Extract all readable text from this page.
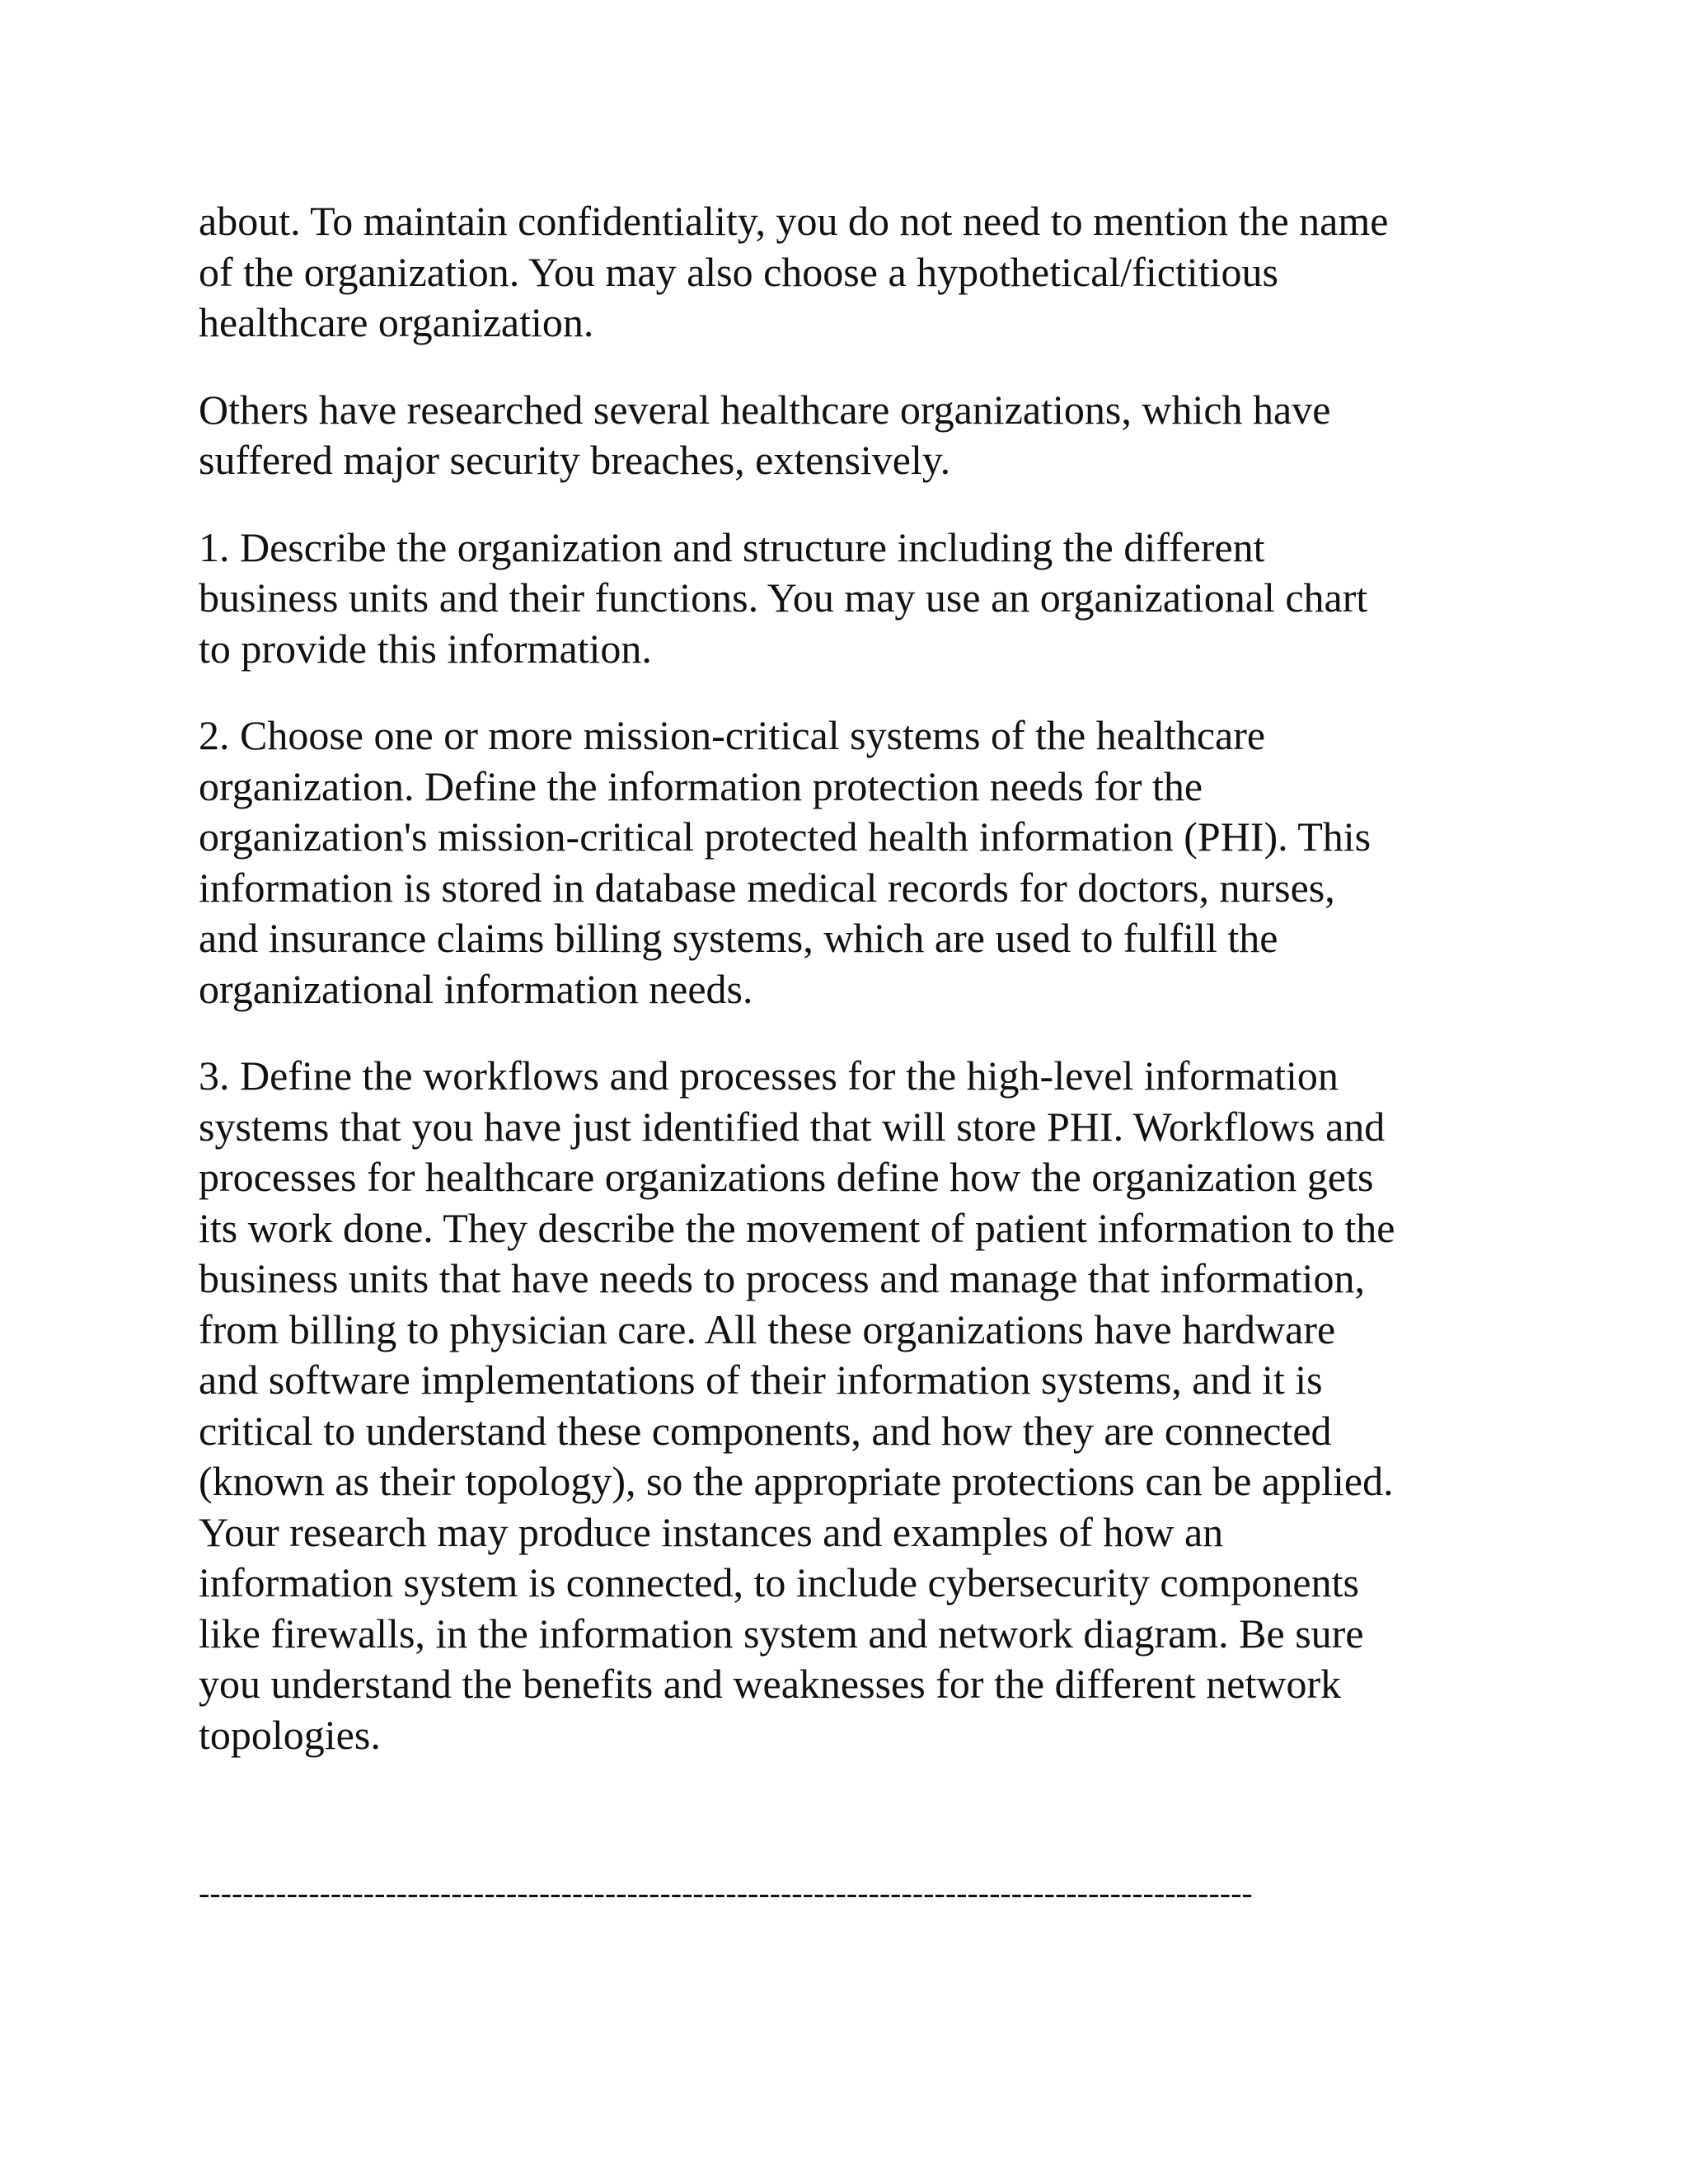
about. To maintain confidentiality, you do not need to mention the name
of the organization. You may also choose a hypothetical/fictitious
healthcare organization.

Others have researched several healthcare organizations, which have
suffered major security breaches, extensively.

1. Describe the organization and structure including the different
business units and their functions. You may use an organizational chart
to provide this information.

2. Choose one or more mission-critical systems of the healthcare
organization. Define the information protection needs for the
organization's mission-critical protected health information (PHI). This
information is stored in database medical records for doctors, nurses,
and insurance claims billing systems, which are used to fulfill the
organizational information needs.

3. Define the workflows and processes for the high-level information
systems that you have just identified that will store PHI. Workflows and
processes for healthcare organizations define how the organization gets
its work done. They describe the movement of patient information to the
business units that have needs to process and manage that information,
from billing to physician care. All these organizations have hardware
and software implementations of their information systems, and it is
critical to understand these components, and how they are connected
(known as their topology), so the appropriate protections can be applied.
Your research may produce instances and examples of how an
information system is connected, to include cybersecurity components
like firewalls, in the information system and network diagram. Be sure
you understand the benefits and weaknesses for the different network
topologies.

------------------------------------------------------------------------------------------------
